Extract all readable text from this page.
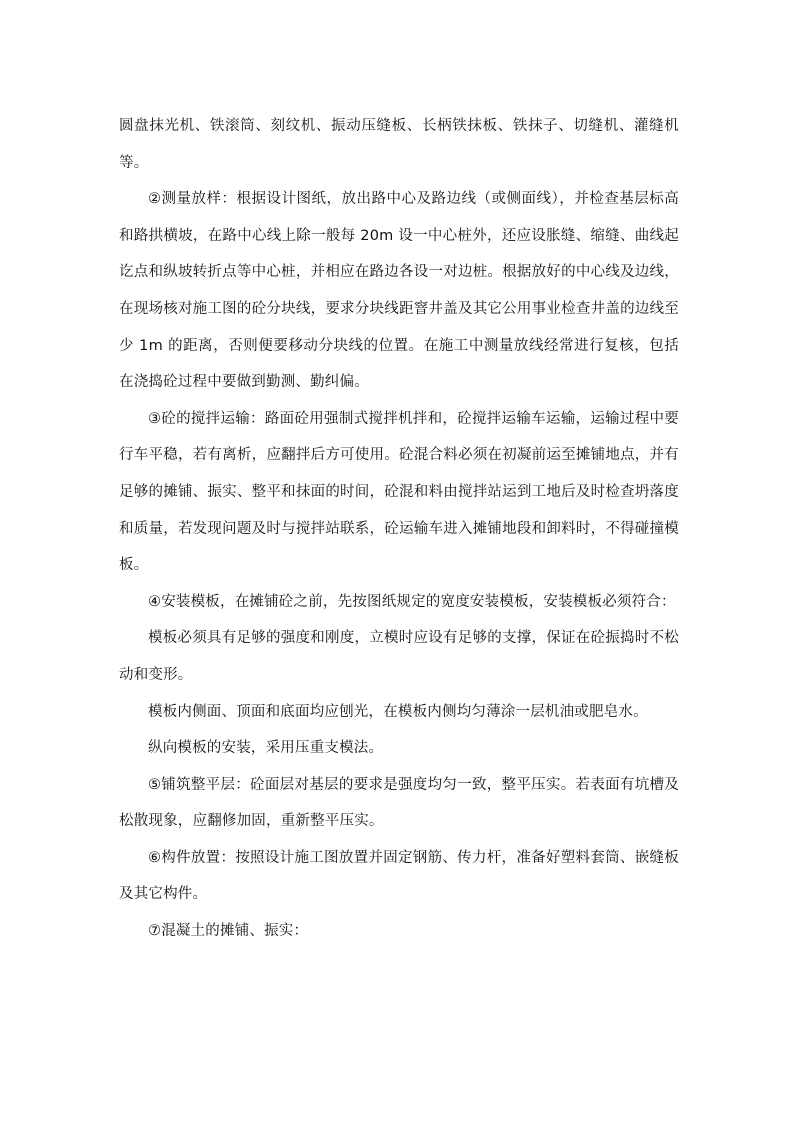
圆盘抹光机、铁滚筒、刻纹机、振动压缝板、长柄铁抹板、铁抹子、切缝机、灌缝机等。

②测量放样：根据设计图纸，放出路中心及路边线（或侧面线），并检查基层标高和路拱横坡，在路中心线上除一般每 20m 设一中心桩外，还应设胀缝、缩缝、曲线起讫点和纵坡转折点等中心桩，并相应在路边各设一对边桩。根据放好的中心线及边线，在现场核对施工图的砼分块线，要求分块线距窨井盖及其它公用事业检查井盖的边线至少 1m 的距离，否则便要移动分块线的位置。在施工中测量放线经常进行复核，包括在浇捣砼过程中要做到勤测、勤纠偏。

③砼的搅拌运输：路面砼用强制式搅拌机拌和，砼搅拌运输车运输，运输过程中要行车平稳，若有离析，应翻拌后方可使用。砼混合料必须在初凝前运至摊铺地点，并有足够的摊铺、振实、整平和抹面的时间，砼混和料由搅拌站运到工地后及时检查坍落度和质量，若发现问题及时与搅拌站联系，砼运输车进入摊铺地段和卸料时，不得碰撞模板。

④安装模板，在摊铺砼之前，先按图纸规定的宽度安装模板，安装模板必须符合：

模板必须具有足够的强度和刚度，立模时应设有足够的支撑，保证在砼振捣时不松动和变形。

模板内侧面、顶面和底面均应刨光，在模板内侧均匀薄涂一层机油或肥皂水。

纵向模板的安装，采用压重支模法。

⑤铺筑整平层：砼面层对基层的要求是强度均匀一致，整平压实。若表面有坑槽及松散现象，应翻修加固，重新整平压实。

⑥构件放置：按照设计施工图放置并固定钢筋、传力杆，准备好塑料套筒、嵌缝板及其它构件。

⑦混凝土的摊铺、振实：
